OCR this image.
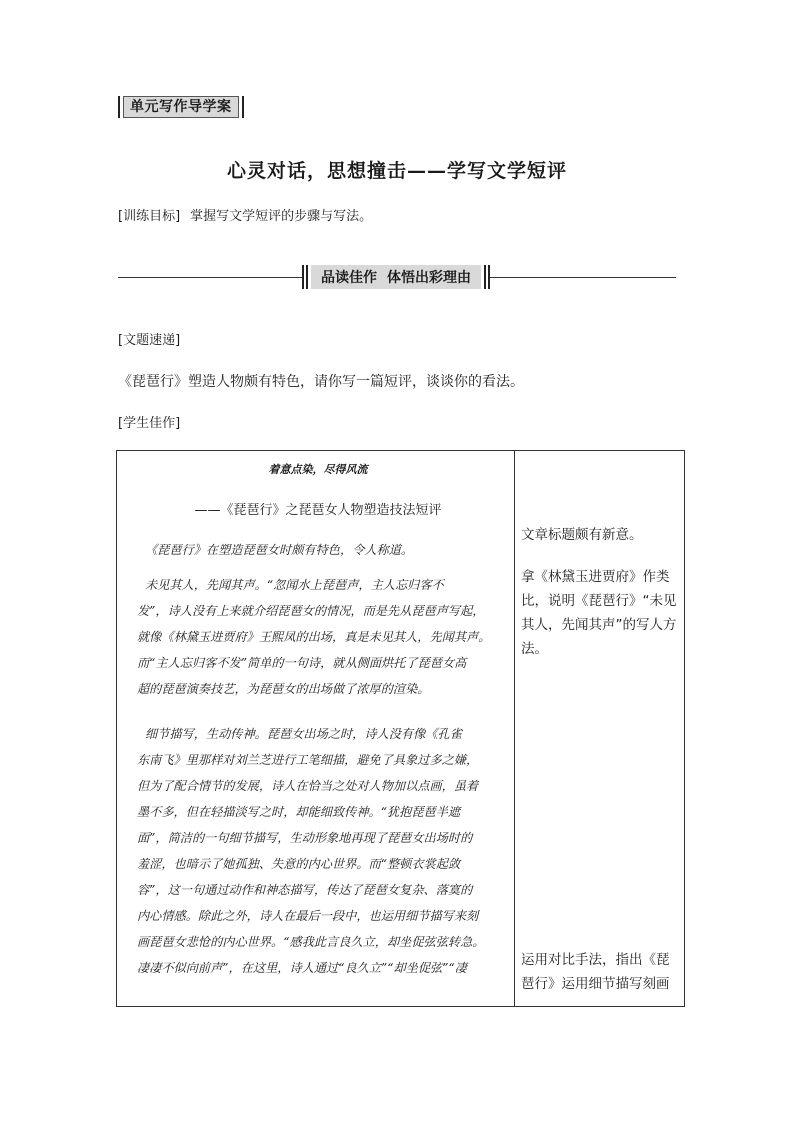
单元写作导学案
心灵对话，思想撞击——学写文学短评
[训练目标] 掌握写文学短评的步骤与写法。
品读佳作 体悟出彩理由
[文题速递]
《琵琶行》塑造人物颇有特色，请你写一篇短评，谈谈你的看法。
[学生佳作]
着意点染，尽得风流
——《琵琶行》之琵琶女人物塑造技法短评
《琵琶行》在塑造琵琶女时颇有特色，令人称道。
未见其人，先闻其声。“忽闻水上琵琶声，主人忘归客不
发”，诗人没有上来就介绍琵琶女的情况，而是先从琵琶声写起，
就像《林黛玉进贾府》王熙凤的出场，真是未见其人，先闻其声。
而“主人忘归客不发”简单的一句诗，就从侧面烘托了琵琶女高
超的琵琶演奏技艺，为琵琶女的出场做了浓厚的渲染。
细节描写，生动传神。琵琶女出场之时，诗人没有像《孔雀
东南飞》里那样对刘兰芝进行工笔细描，避免了具象过多之嫌，
但为了配合情节的发展，诗人在恰当之处对人物加以点画，虽着
墨不多，但在轻描淡写之时，却能细致传神。“犹抱琵琶半遮
面”，简洁的一句细节描写，生动形象地再现了琵琶女出场时的
羞涩，也暗示了她孤独、失意的内心世界。而“整顿衣裳起敛
容”，这一句通过动作和神态描写，传达了琵琶女复杂、落寞的
内心情感。除此之外，诗人在最后一段中，也运用细节描写来刻
画琵琶女悲怆的内心世界。“感我此言良久立，却坐促弦弦转急。
凄凄不似向前声”，在这里，诗人通过“良久立”“却坐促弦”“凄
文章标题颇有新意。
拿《林黛玉进贾府》作类比，说明《琵琶行》“未见其人，先闻其声”的写人方法。
运用对比手法，指出《琵琶行》运用细节描写刻画
